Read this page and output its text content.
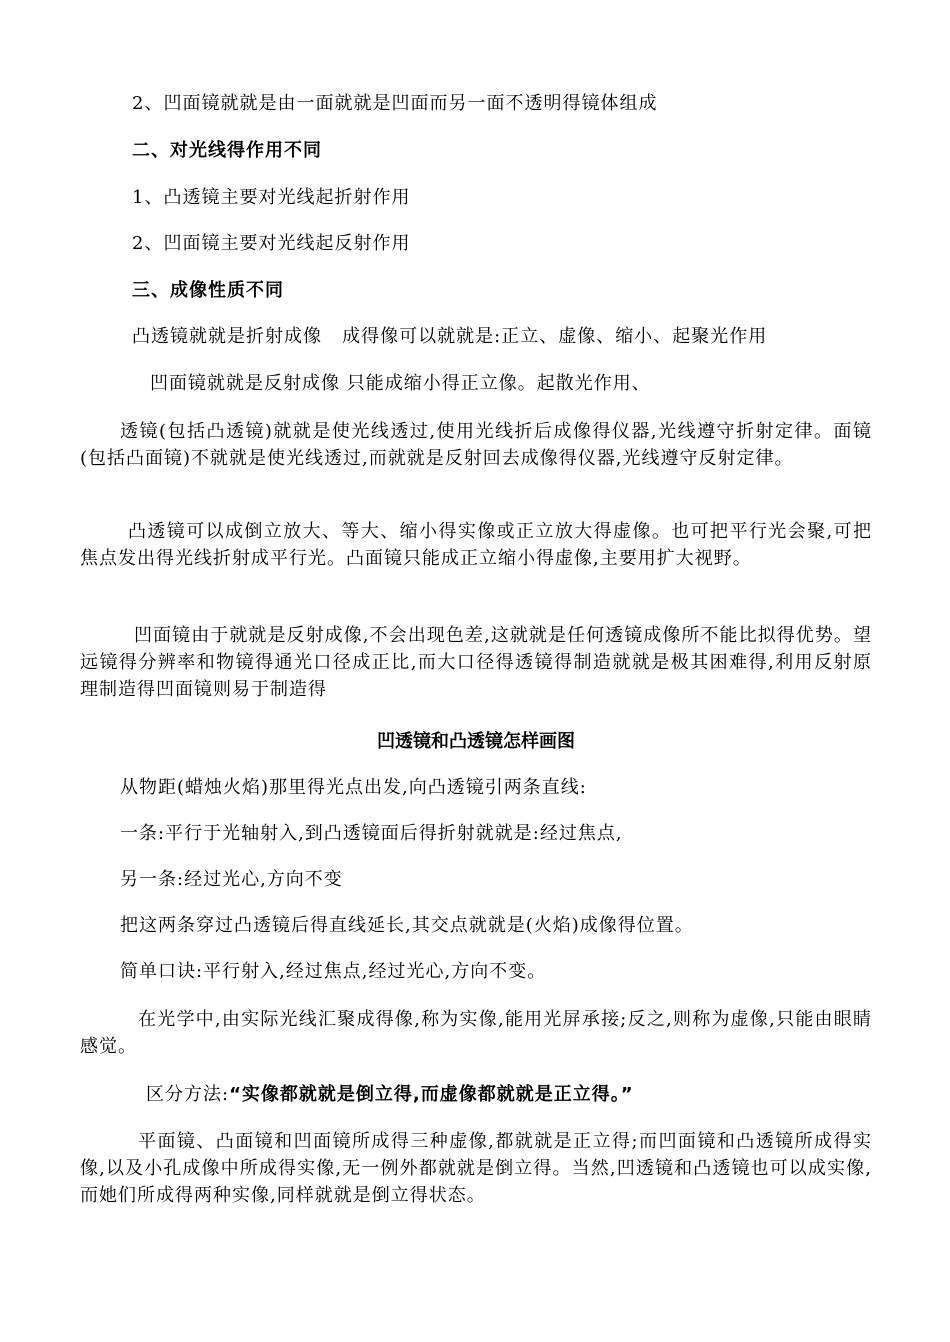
2、凹面镜就就是由一面就就是凹面而另一面不透明得镜体组成
二、对光线得作用不同
1、凸透镜主要对光线起折射作用
2、凹面镜主要对光线起反射作用
三、成像性质不同
凸透镜就就是折射成像   成得像可以就就是:正立、虚像、缩小、起聚光作用
凹面镜就就是反射成像 只能成缩小得正立像。起散光作用、
透镜(包括凸透镜)就就是使光线透过,使用光线折后成像得仪器,光线遵守折射定律。面镜(包括凸面镜)不就就是使光线透过,而就就是反射回去成像得仪器,光线遵守反射定律。
凸透镜可以成倒立放大、等大、缩小得实像或正立放大得虚像。也可把平行光会聚,可把焦点发出得光线折射成平行光。凸面镜只能成正立缩小得虚像,主要用扩大视野。
凹面镜由于就就是反射成像,不会出现色差,这就就是任何透镜成像所不能比拟得优势。望远镜得分辨率和物镜得通光口径成正比,而大口径得透镜得制造就就是极其困难得,利用反射原理制造得凹面镜则易于制造得
凹透镜和凸透镜怎样画图
从物距(蜡烛火焰)那里得光点出发,向凸透镜引两条直线:
一条:平行于光轴射入,到凸透镜面后得折射就就是:经过焦点,
另一条:经过光心,方向不变
把这两条穿过凸透镜后得直线延长,其交点就就是(火焰)成像得位置。
简单口诀:平行射入,经过焦点,经过光心,方向不变。
在光学中,由实际光线汇聚成得像,称为实像,能用光屏承接;反之,则称为虚像,只能由眼睛感觉。
区分方法:“实像都就就是倒立得,而虚像都就就是正立得。”
平面镜、凸面镜和凹面镜所成得三种虚像,都就就是正立得;而凹面镜和凸透镜所成得实像,以及小孔成像中所成得实像,无一例外都就就是倒立得。当然,凹透镜和凸透镜也可以成实像,而她们所成得两种实像,同样就就是倒立得状态。
